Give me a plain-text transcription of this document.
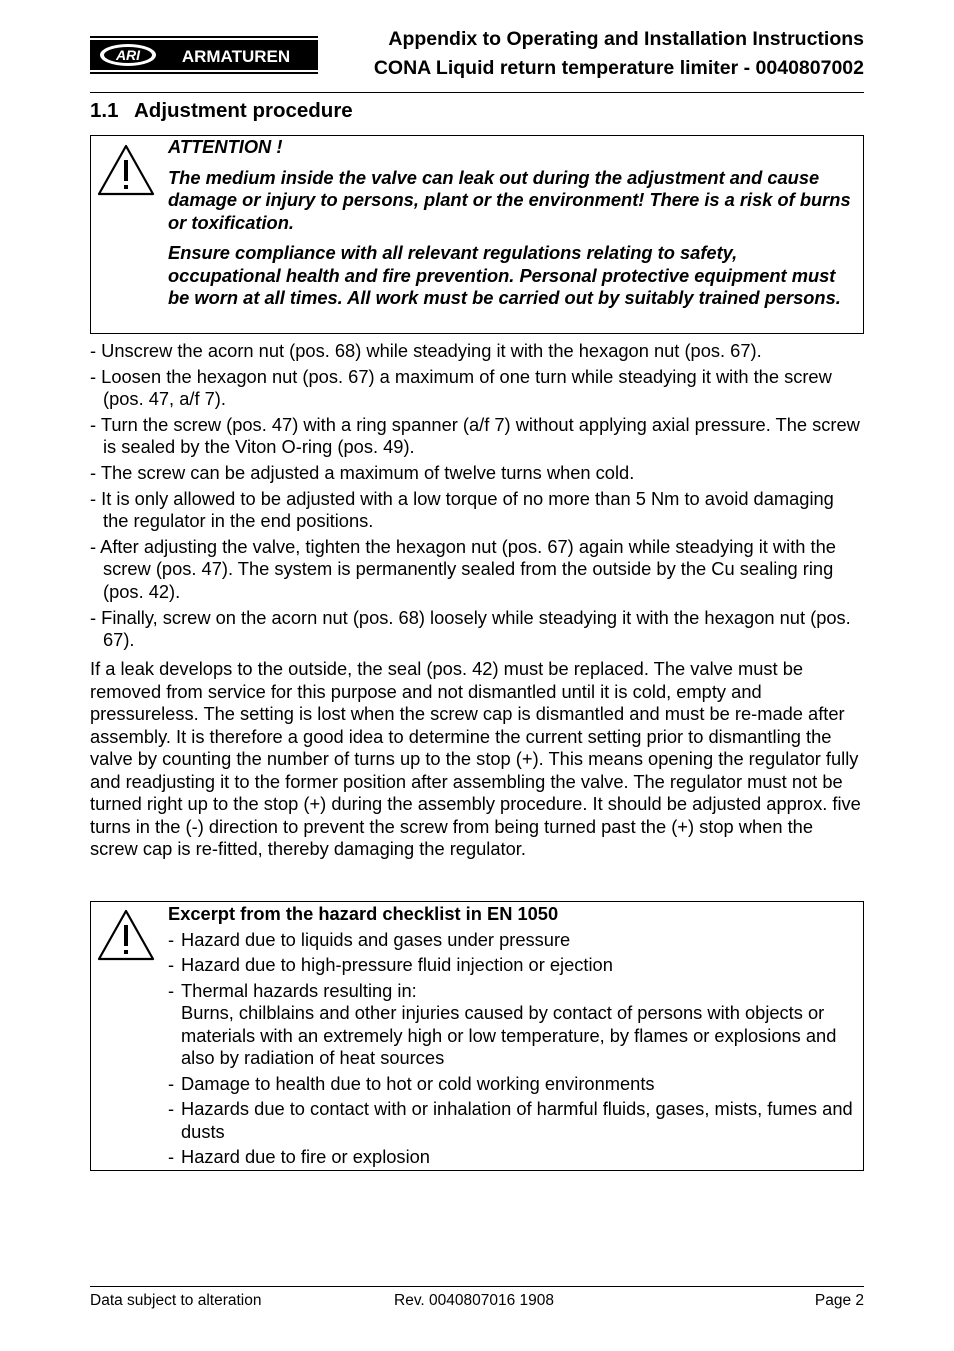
ARI ARMATUREN
Appendix to Operating and Installation Instructions
CONA Liquid return temperature limiter - 0040807002
1.1 Adjustment procedure

ATTENTION !

The medium inside the valve can leak out during the adjustment and cause damage or injury to persons, plant or the environment! There is a risk of burns or toxification.

Ensure compliance with all relevant regulations relating to safety, occupational health and fire prevention. Personal protective equipment must be worn at all times. All work must be carried out by suitably trained persons.

- Unscrew the acorn nut (pos. 68) while steadying it with the hexagon nut (pos. 67).
- Loosen the hexagon nut (pos. 67) a maximum of one turn while steadying it with the screw (pos. 47, a/f 7).
- Turn the screw (pos. 47) with a ring spanner (a/f 7) without applying axial pressure. The screw is sealed by the Viton O-ring (pos. 49).
- The screw can be adjusted a maximum of twelve turns when cold.
- It is only allowed to be adjusted with a low torque of no more than 5 Nm to avoid damaging the regulator in the end positions.
- After adjusting the valve, tighten the hexagon nut (pos. 67) again while steadying it with the screw (pos. 47). The system is permanently sealed from the outside by the Cu sealing ring (pos. 42).
- Finally, screw on the acorn nut (pos. 68) loosely while steadying it with the hexagon nut (pos. 67).

If a leak develops to the outside, the seal (pos. 42) must be replaced. The valve must be removed from service for this purpose and not dismantled until it is cold, empty and pressureless. The setting is lost when the screw cap is dismantled and must be re-made after assembly. It is therefore a good idea to determine the current setting prior to dismantling the valve by counting the number of turns up to the stop (+). This means opening the regulator fully and readjusting it to the former position after assembling the valve. The regulator must not be turned right up to the stop (+) during the assembly procedure. It should be adjusted approx. five turns in the (-) direction to prevent the screw from being turned past the (+) stop when the screw cap is re-fitted, thereby damaging the regulator.

Excerpt from the hazard checklist in EN 1050
- Hazard due to liquids and gases under pressure
- Hazard due to high-pressure fluid injection or ejection
- Thermal hazards resulting in:
Burns, chilblains and other injuries caused by contact of persons with objects or materials with an extremely high or low temperature, by flames or explosions and also by radiation of heat sources
- Damage to health due to hot or cold working environments
- Hazards due to contact with or inhalation of harmful fluids, gases, mists, fumes and dusts
- Hazard due to fire or explosion
Data subject to alteration	Rev. 0040807016 1908	Page 2
